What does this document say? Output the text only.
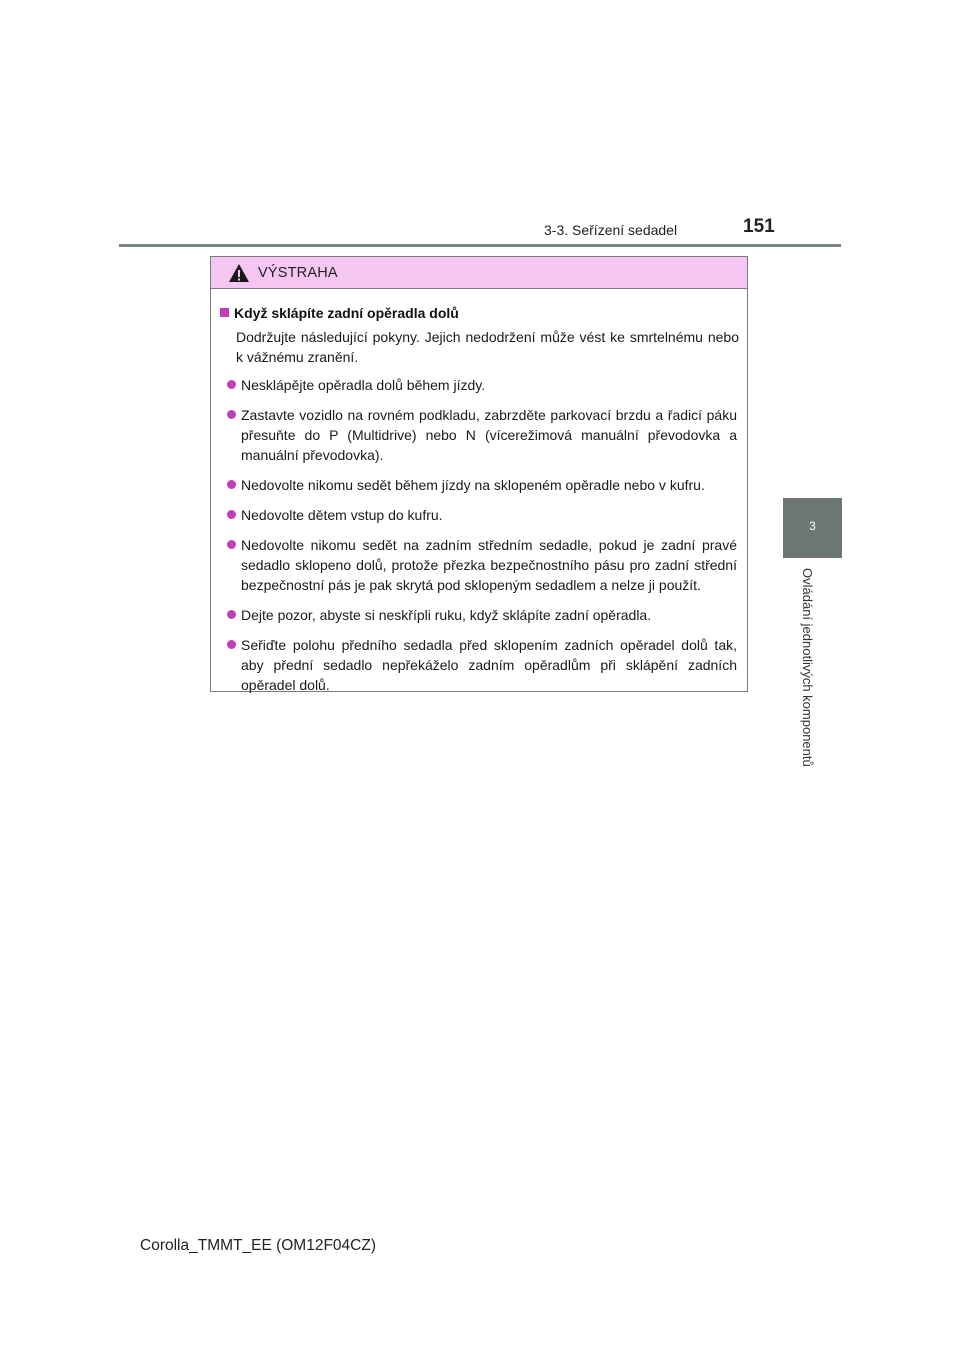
3-3. Seřízení sedadel	151
3
Ovládání jednotlivých komponentů
VÝSTRAHA
Když sklápíte zadní opěradla dolů
Dodržujte následující pokyny. Jejich nedodržení může vést ke smrtelnému nebo k vážnému zranění.
Nesklápějte opěradla dolů během jízdy.
Zastavte vozidlo na rovném podkladu, zabrzděte parkovací brzdu a řadicí páku přesuňte do P (Multidrive) nebo N (vícerežimová manuální převodovka a manuální převodovka).
Nedovolte nikomu sedět během jízdy na sklopeném opěradle nebo v kufru.
Nedovolte dětem vstup do kufru.
Nedovolte nikomu sedět na zadním středním sedadle, pokud je zadní pravé sedadlo sklopeno dolů, protože přezka bezpečnostního pásu pro zadní střední bezpečnostní pás je pak skrytá pod sklopeným sedadlem a nelze ji použít.
Dejte pozor, abyste si neskřípli ruku, když sklápíte zadní opěradla.
Seřiďte polohu předního sedadla před sklopením zadních opěradel dolů tak, aby přední sedadlo nepřekáželo zadním opěradlům při sklápění zadních opěradel dolů.
Corolla_TMMT_EE (OM12F04CZ)
